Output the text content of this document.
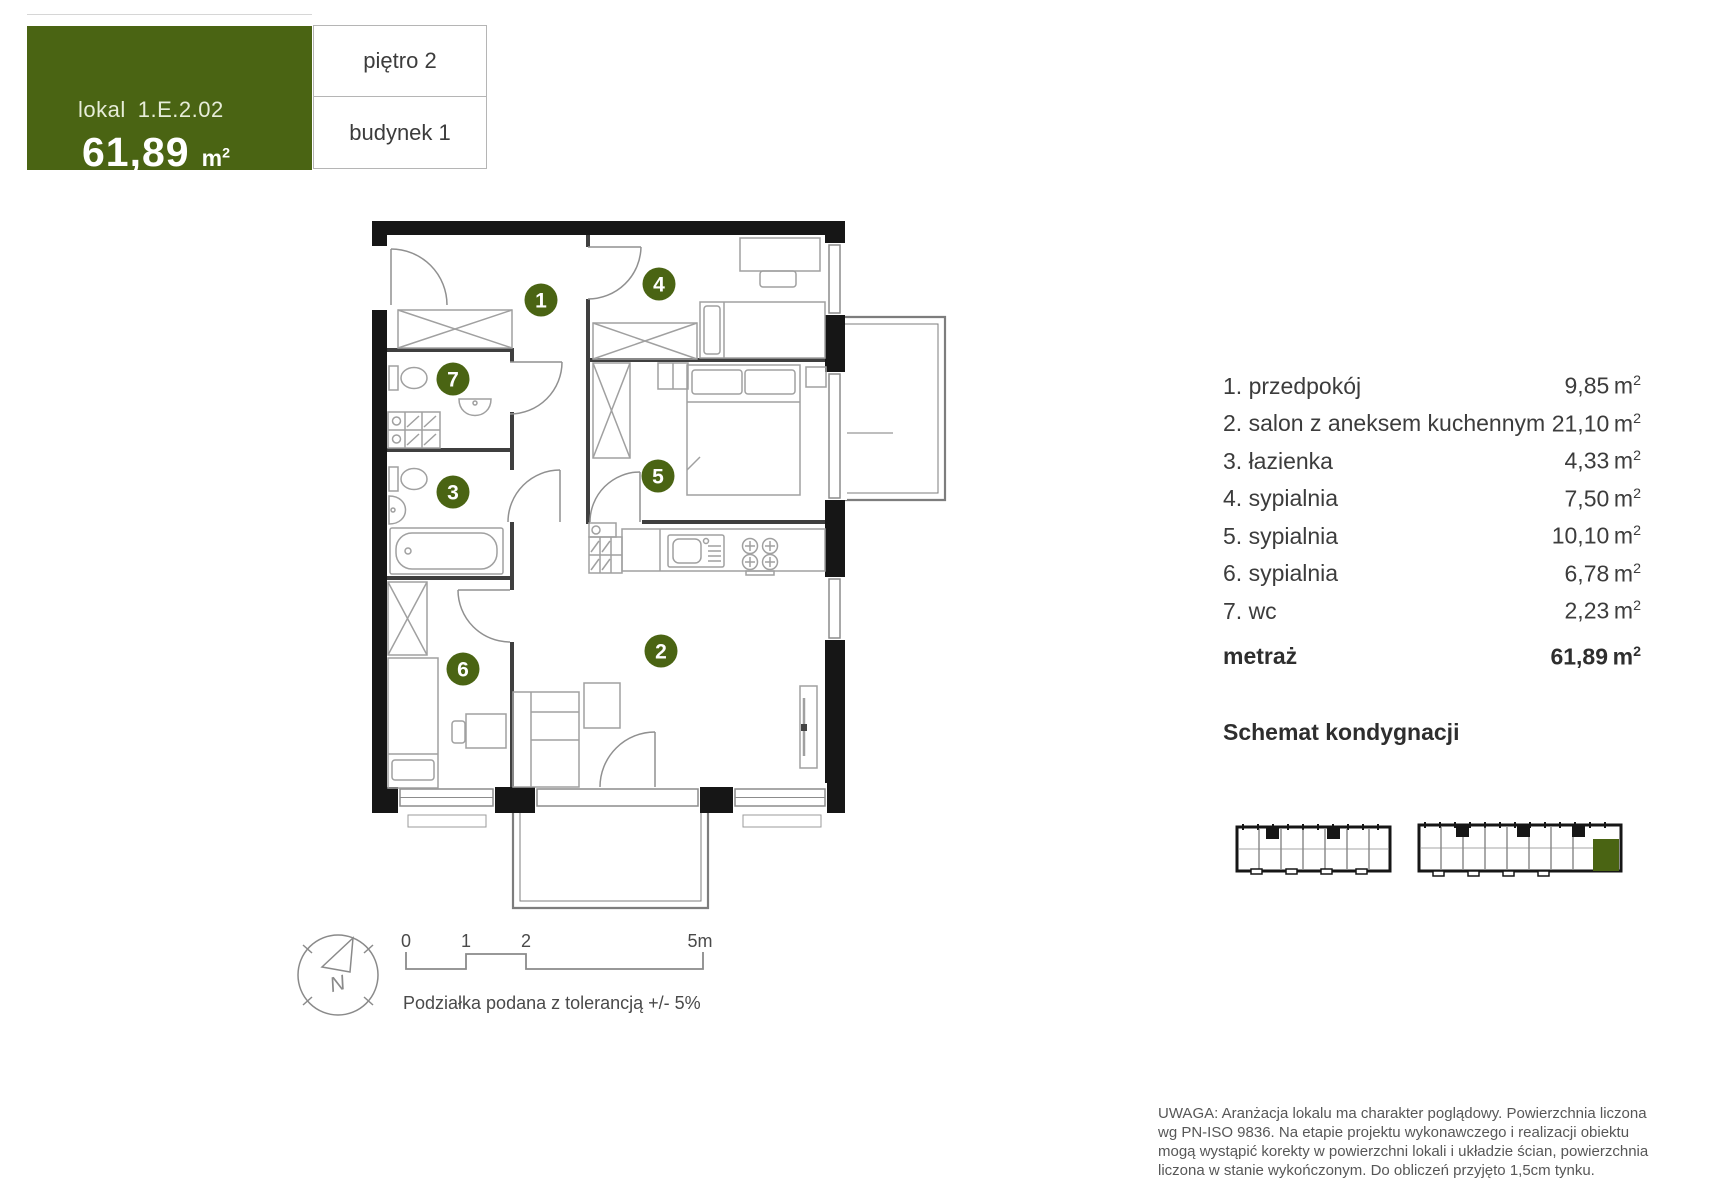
lokal 1.E.2.02
61,89 $m^2$
piętro 2
budynek 1
1
2
3
4
5
6
7
N
0	1	2	5m
Podziałka podana z tolerancją +/- 5%
1. przedpokój	9,85  $m^2$
2. salon z aneksem kuchennym 21,10  $m^2$
3. łazienka	4,33  $m^2$
4. sypialnia	7,50  $m^2$
5. sypialnia	10,10  $m^2$
6. sypialnia	6,78  $m^2$
7. wc	2,23  $m^2$
metraż	61,89  $m^2$
Schemat kondygnacji
UWAGA: Aranżacja lokalu ma charakter poglądowy. Powierzchnia liczona
wg PN-ISO 9836. Na etapie projektu wykonawczego i realizacji obiektu
mogą wystąpić korekty w powierzchni lokali i układzie ścian, powierzchnia
liczona w stanie wykończonym. Do obliczeń przyjęto 1,5cm tynku.
